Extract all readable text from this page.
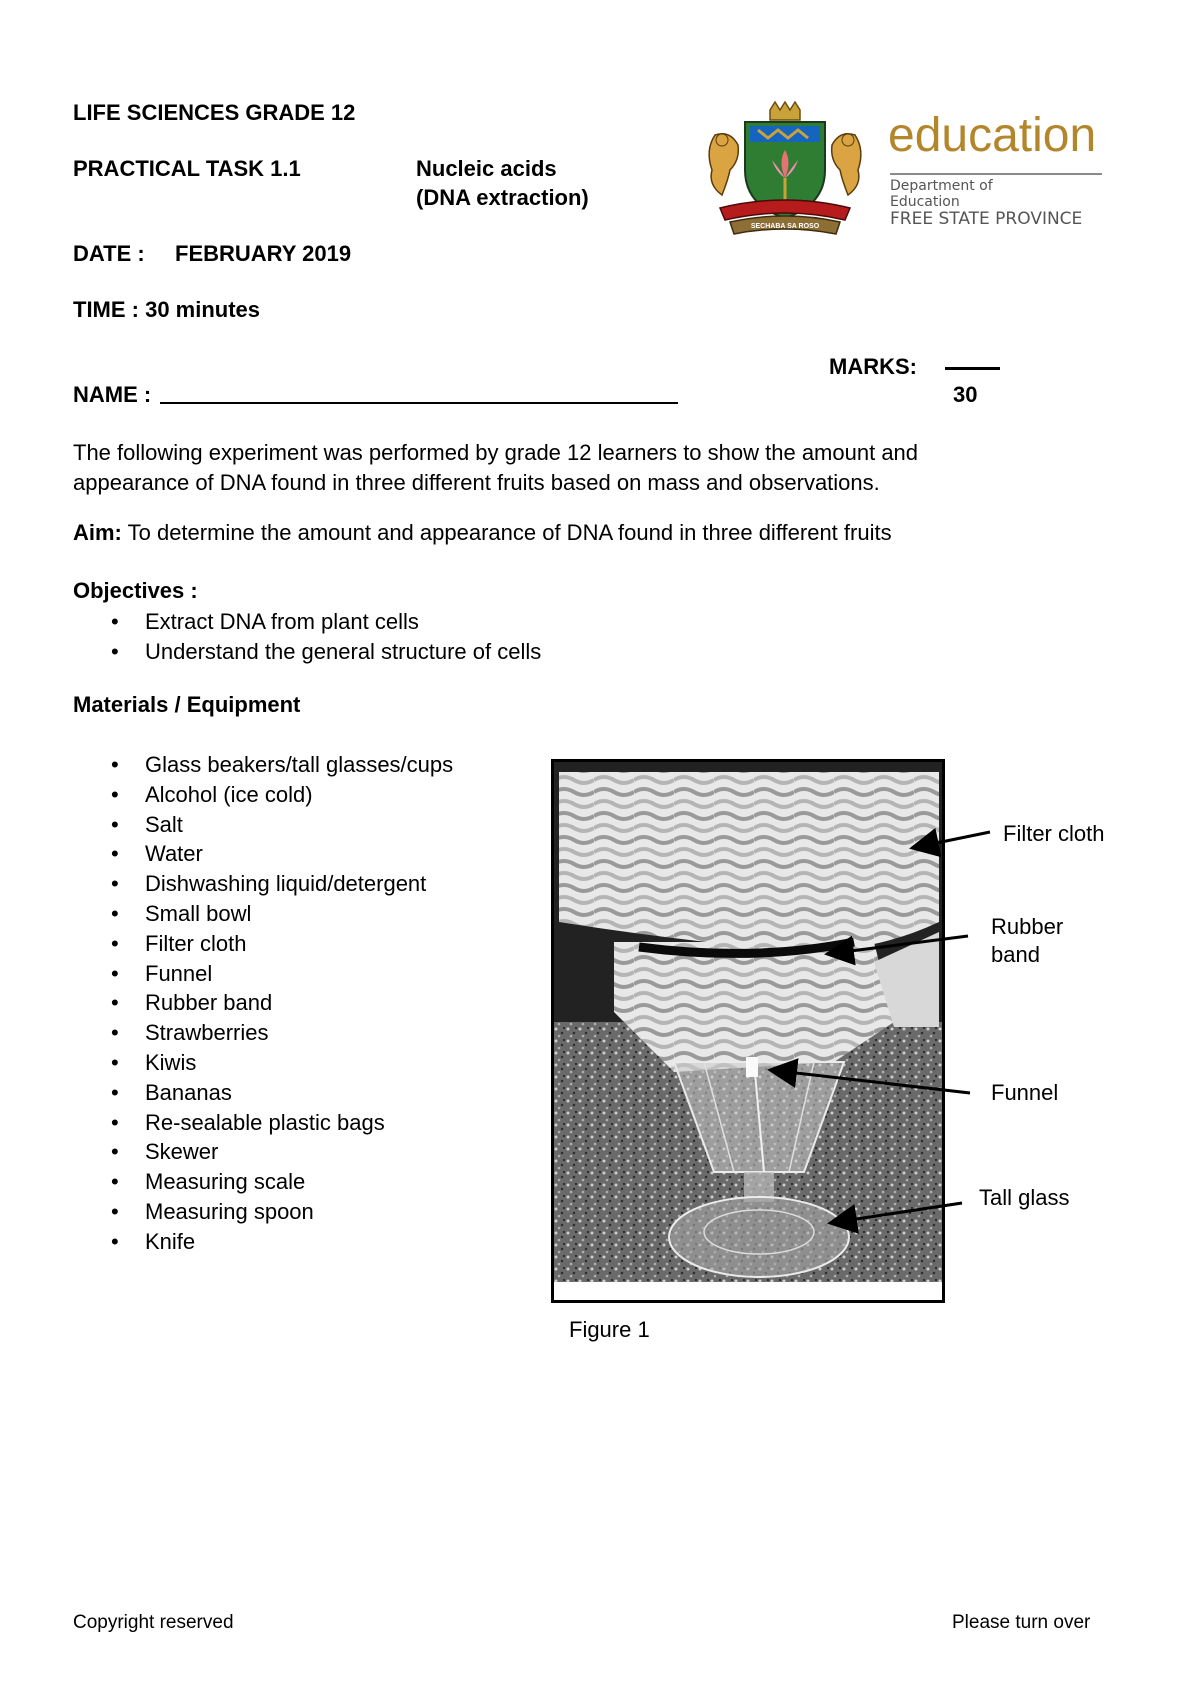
LIFE SCIENCES GRADE 12
PRACTICAL TASK 1.1	Nucleic acids
(DNA extraction)
DATE : FEBRUARY 2019
TIME : 30 minutes
MARKS:
30
NAME :
SECHABA SA ROSO
education
Department of
Education
FREE STATE PROVINCE
The following experiment was performed by grade 12 learners to show the amount and appearance of DNA found in three different fruits based on mass and observations.
Aim: To determine the amount and appearance of DNA found in three different fruits
Objectives :
• Extract DNA from plant cells
• Understand the general structure of cells
Materials / Equipment
• Glass beakers/tall glasses/cups
• Alcohol (ice cold)
• Salt
• Water
• Dishwashing liquid/detergent
• Small bowl
• Filter cloth
• Funnel
• Rubber band
• Strawberries
• Kiwis
• Bananas
• Re-sealable plastic bags
• Skewer
• Measuring scale
• Measuring spoon
• Knife
Filter cloth
Rubber
band
Funnel
Tall glass
Figure 1
Copyright reserved	Please turn over
